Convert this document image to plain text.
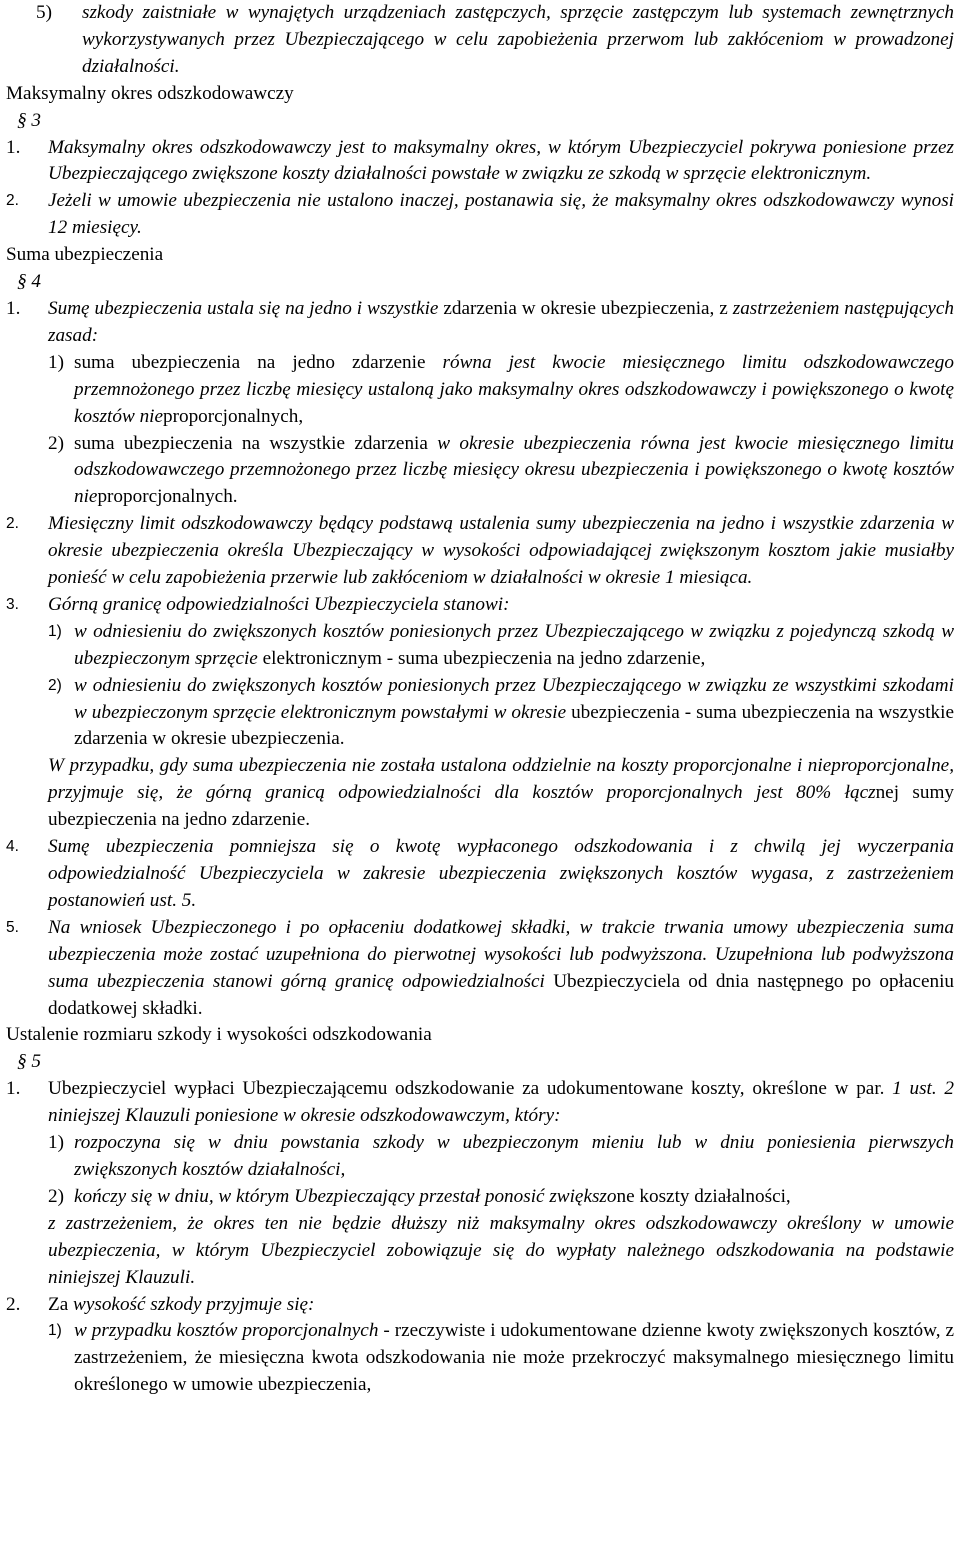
5) szkody zaistniałe w wynajętych urządzeniach zastępczych, sprzęcie zastępczym lub systemach zewnętrznych wykorzystywanych przez Ubezpieczającego w celu zapobieżenia przerwom lub zakłóceniom w prowadzonej działalności.
Maksymalny okres odszkodowawczy
§ 3
1. Maksymalny okres odszkodowawczy jest to maksymalny okres, w którym Ubezpieczyciel pokrywa poniesione przez Ubezpieczającego zwiększone koszty działalności powstałe w związku ze szkodą w sprzęcie elektronicznym.
2. Jeżeli w umowie ubezpieczenia nie ustalono inaczej, postanawia się, że maksymalny okres odszkodowawczy wynosi 12 miesięcy.
Suma ubezpieczenia
§ 4
1. Sumę ubezpieczenia ustala się na jedno i wszystkie zdarzenia w okresie ubezpieczenia, z zastrzeżeniem następujących zasad:
1) suma ubezpieczenia na jedno zdarzenie równa jest kwocie miesięcznego limitu odszkodowawczego przemnożonego przez liczbę miesięcy ustaloną jako maksymalny okres odszkodowawczy i powiększonego o kwotę kosztów nieproporcjonalnych,
2) suma ubezpieczenia na wszystkie zdarzenia w okresie ubezpieczenia równa jest kwocie miesięcznego limitu odszkodowawczego przemnożonego przez liczbę miesięcy okresu ubezpieczenia i powiększonego o kwotę kosztów nieproporcjonalnych.
2. Miesięczny limit odszkodowawczy będący podstawą ustalenia sumy ubezpieczenia na jedno i wszystkie zdarzenia w okresie ubezpieczenia określa Ubezpieczający w wysokości odpowiadającej zwiększonym kosztom jakie musiałby ponieść w celu zapobieżenia przerwie lub zakłóceniom w działalności w okresie 1 miesiąca.
3. Górną granicę odpowiedzialności Ubezpieczyciela stanowi:
1) w odniesieniu do zwiększonych kosztów poniesionych przez Ubezpieczającego w związku z pojedynczą szkodą w ubezpieczonym sprzęcie elektronicznym - suma ubezpieczenia na jedno zdarzenie,
2) w odniesieniu do zwiększonych kosztów poniesionych przez Ubezpieczającego w związku ze wszystkimi szkodami w ubezpieczonym sprzęcie elektronicznym powstałymi w okresie ubezpieczenia - suma ubezpieczenia na wszystkie zdarzenia w okresie ubezpieczenia.
W przypadku, gdy suma ubezpieczenia nie została ustalona oddzielnie na koszty proporcjonalne i nieproporcjonalne, przyjmuje się, że górną granicą odpowiedzialności dla kosztów proporcjonalnych jest 80% łącznej sumy ubezpieczenia na jedno zdarzenie.
4. Sumę ubezpieczenia pomniejsza się o kwotę wypłaconego odszkodowania i z chwilą jej wyczerpania odpowiedzialność Ubezpieczyciela w zakresie ubezpieczenia zwiększonych kosztów wygasa, z zastrzeżeniem postanowień ust. 5.
5. Na wniosek Ubezpieczonego i po opłaceniu dodatkowej składki, w trakcie trwania umowy ubezpieczenia suma ubezpieczenia może zostać uzupełniona do pierwotnej wysokości lub podwyższona. Uzupełniona lub podwyższona suma ubezpieczenia stanowi górną granicę odpowiedzialności Ubezpieczyciela od dnia następnego po opłaceniu dodatkowej składki.
Ustalenie rozmiaru szkody i wysokości odszkodowania
§ 5
1. Ubezpieczyciel wypłaci Ubezpieczającemu odszkodowanie za udokumentowane koszty, określone w par. 1 ust. 2 niniejszej Klauzuli poniesione w okresie odszkodowawczym, który:
1) rozpoczyna się w dniu powstania szkody w ubezpieczonym mieniu lub w dniu poniesienia pierwszych zwiększonych kosztów działalności,
2) kończy się w dniu, w którym Ubezpieczający przestał ponosić zwiększone koszty działalności,
z zastrzeżeniem, że okres ten nie będzie dłuższy niż maksymalny okres odszkodowawczy określony w umowie ubezpieczenia, w którym Ubezpieczyciel zobowiązuje się do wypłaty należnego odszkodowania na podstawie niniejszej Klauzuli.
2. Za wysokość szkody przyjmuje się:
1) w przypadku kosztów proporcjonalnych - rzeczywiste i udokumentowane dzienne kwoty zwiększonych kosztów, z zastrzeżeniem, że miesięczna kwota odszkodowania nie może przekroczyć maksymalnego miesięcznego limitu określonego w umowie ubezpieczenia,
